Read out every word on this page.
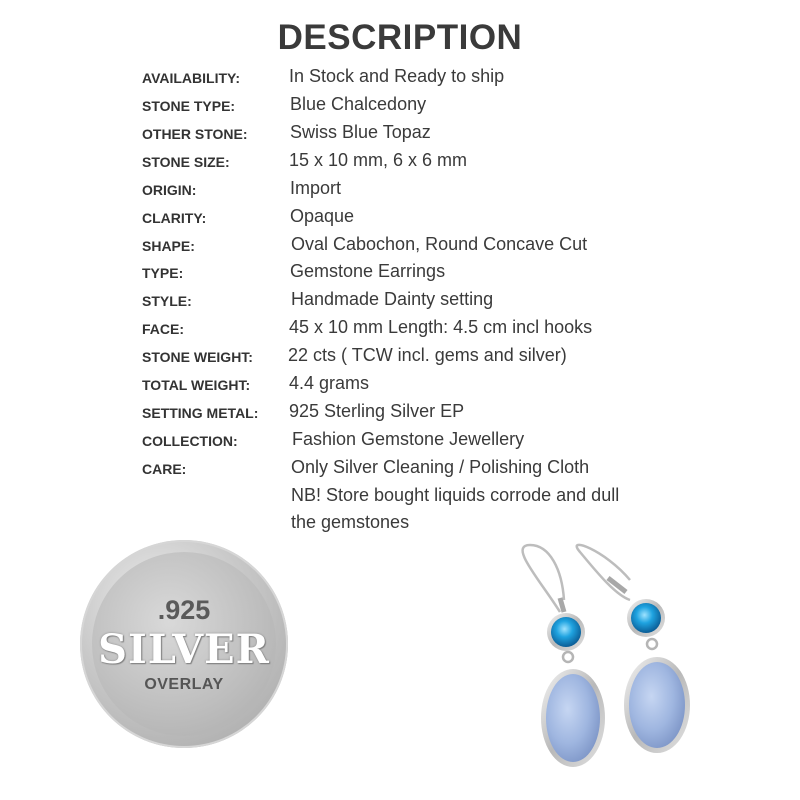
DESCRIPTION
AVAILABILITY:	In Stock and Ready to ship
STONE TYPE:	Blue Chalcedony
OTHER STONE: Swiss Blue Topaz
STONE SIZE:	15 x 10 mm, 6 x 6 mm
ORIGIN:	Import
CLARITY:	Opaque
SHAPE:	Oval Cabochon, Round Concave Cut
TYPE:	Gemstone Earrings
STYLE:	Handmade Dainty setting
FACE:	45 x 10 mm Length: 4.5 cm incl hooks
STONE WEIGHT: 22 cts ( TCW incl. gems and silver)
TOTAL WEIGHT: 4.4 grams
SETTING METAL: 925 Sterling Silver EP
COLLECTION:	Fashion Gemstone Jewellery
CARE:	Only Silver Cleaning / Polishing Cloth
NB! Store bought liquids corrode and dull
the gemstones
.925
SILVER
OVERLAY
